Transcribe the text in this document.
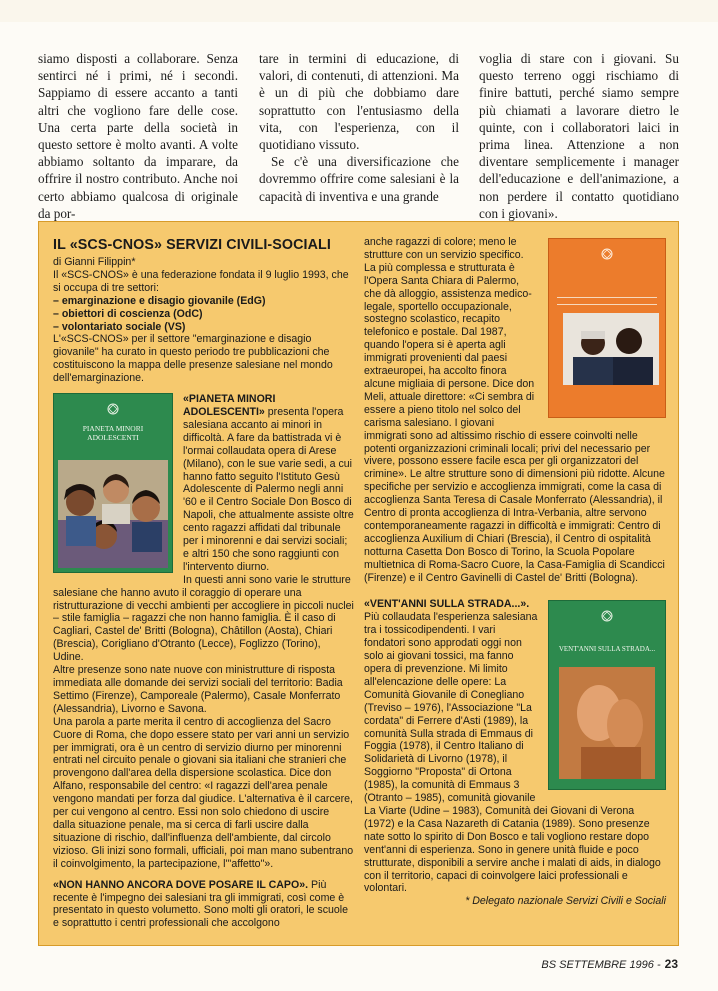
siamo disposti a collaborare. Senza sentirci né i primi, né i secondi. Sappiamo di essere accanto a tanti altri che vogliono fare delle cose. Una certa parte della società in questo settore è molto avanti. A volte abbiamo soltanto da imparare, da offrire il nostro contributo. Anche noi certo abbiamo qualcosa di originale da por-

tare in termini di educazione, di valori, di contenuti, di attenzioni. Ma è un di più che dobbiamo dare soprattutto con l'entusiasmo della vita, con l'esperienza, con il quotidiano vissuto.

Se c'è una diversificazione che dovremmo offrire come salesiani è la capacità di inventiva e una grande

voglia di stare con i giovani. Su questo terreno oggi rischiamo di finire battuti, perché siamo sempre più chiamati a lavorare dietro le quinte, con i collaboratori laici in prima linea. Attenzione a non diventare semplicemente i manager dell'educazione e dell'animazione, a non perdere il contatto quotidiano con i giovani».

IL «SCS-CNOS» SERVIZI CIVILI-SOCIALI

di Gianni Filippin*

Il «SCS-CNOS» è una federazione fondata il 9 luglio 1993, che si occupa di tre settori:

– emarginazione e disagio giovanile (EdG)
– obiettori di coscienza (OdC)
– volontariato sociale (VS)

L'«SCS-CNOS» per il settore "emarginazione e disagio giovanile" ha curato in questo periodo tre pubblicazioni che costituiscono la mappa delle presenze salesiane nel mondo dell'emarginazione.

PIANETA MINORI ADOLESCENTI

«PIANETA MINORI ADOLESCENTI» presenta l'opera salesiana accanto ai minori in difficoltà. A fare da battistrada vi è l'ormai collaudata opera di Arese (Milano), con le sue varie sedi, a cui hanno fatto seguito l'Istituto Gesù Adolescente di Palermo negli anni '60 e il Centro Sociale Don Bosco di Napoli, che attualmente assiste oltre cento ragazzi affidati dal tribunale per i minorenni e dai servizi sociali; e altri 150 che sono raggiunti con l'intervento diurno.

In questi anni sono varie le strutture salesiane che hanno avuto il coraggio di operare una ristrutturazione di vecchi ambienti per accogliere in piccoli nuclei – stile famiglia – ragazzi che non hanno famiglia. È il caso di Cagliari, Castel de' Britti (Bologna), Châtillon (Aosta), Chiari (Brescia), Corigliano d'Otranto (Lecce), Foglizzo (Torino), Udine.

Altre presenze sono nate nuove con ministrutture di risposta immediata alle domande dei servizi sociali del territorio: Badia Settimo (Firenze), Camporeale (Palermo), Casale Monferrato (Alessandria), Livorno e Savona.

Una parola a parte merita il centro di accoglienza del Sacro Cuore di Roma, che dopo essere stato per vari anni un servizio per immigrati, ora è un centro di servizio diurno per minorenni entrati nel circuito penale o giovani sia italiani che stranieri che provengono dall'area della dispersione scolastica. Dice don Alfano, responsabile del centro: «I ragazzi dell'area penale vengono mandati per forza dal giudice. L'alternativa è il carcere, per cui vengono al centro. Essi non solo chiedono di uscire dalla situazione penale, ma si cerca di farli uscire dalla situazione di rischio, dall'influenza dell'ambiente, dal circolo vizioso. Gli inizi sono formali, ufficiali, poi man mano subentrano il coinvolgimento, la partecipazione, l'"affetto"».

«NON HANNO ANCORA DOVE POSARE IL CAPO». Più recente è l'impegno dei salesiani tra gli immigrati, così come è presentato in questo volumetto. Sono molti gli oratori, le scuole e soprattutto i centri professionali che accolgono

anche ragazzi di colore; meno le strutture con un servizio specifico. La più complessa e strutturata è l'Opera Santa Chiara di Palermo, che dà alloggio, assistenza medico-legale, sportello occupazionale, sostegno scolastico, recapito telefonico e postale. Dal 1987, quando l'opera si è aperta agli immigrati provenienti dal paesi extraeuropei, ha accolto finora alcune migliaia di persone. Dice don Meli, attuale direttore: «Ci sembra di essere a pieno titolo nel solco del carisma salesiano. I giovani immigrati sono ad altissimo rischio di essere coinvolti nelle potenti organizzazioni criminali locali; privi del necessario per vivere, possono essere facile esca per gli organizzatori del crimine». Le altre strutture sono di dimensioni più ridotte. Alcune specifiche per servizio e accoglienza immigrati, come la casa di accoglienza Santa Teresa di Casale Monferrato (Alessandria), il Centro di pronta accoglienza di Intra-Verbania, altre servono contemporaneamente ragazzi in difficoltà e immigrati: Centro di accoglienza Auxilium di Chiari (Brescia), il Centro di ospitalità notturna Casetta Don Bosco di Torino, la Scuola Popolare multietnica di Roma-Sacro Cuore, la Casa-Famiglia di Scandicci (Firenze) e il Centro Gavinelli di Castel de' Britti (Bologna).

VENT'ANNI SULLA STRADA...

«VENT'ANNI SULLA STRADA...». Più collaudata l'esperienza salesiana tra i tossicodipendenti. I vari fondatori sono approdati oggi non solo ai giovani tossici, ma fanno opera di prevenzione. Mi limito all'elencazione delle opere: La Comunità Giovanile di Conegliano (Treviso – 1976), l'Associazione "La cordata" di Ferrere d'Asti (1989), la comunità Sulla strada di Emmaus di Foggia (1978), il Centro Italiano di Solidarietà di Livorno (1978), il Soggiorno "Proposta" di Ortona (1985), la comunità di Emmaus 3 (Otranto – 1985), comunità giovanile La Viarte (Udine – 1983), Comunità dei Giovani di Verona (1972) e la Casa Nazareth di Catania (1989). Sono presenze nate sotto lo spirito di Don Bosco e tali vogliono restare dopo vent'anni di esperienza. Sono in genere unità fluide e poco strutturate, disponibili a servire anche i malati di aids, in dialogo con il territorio, capaci di coinvolgere laici professionali e volontari.

* Delegato nazionale Servizi Civili e Sociali

BS SETTEMBRE 1996 - 23
